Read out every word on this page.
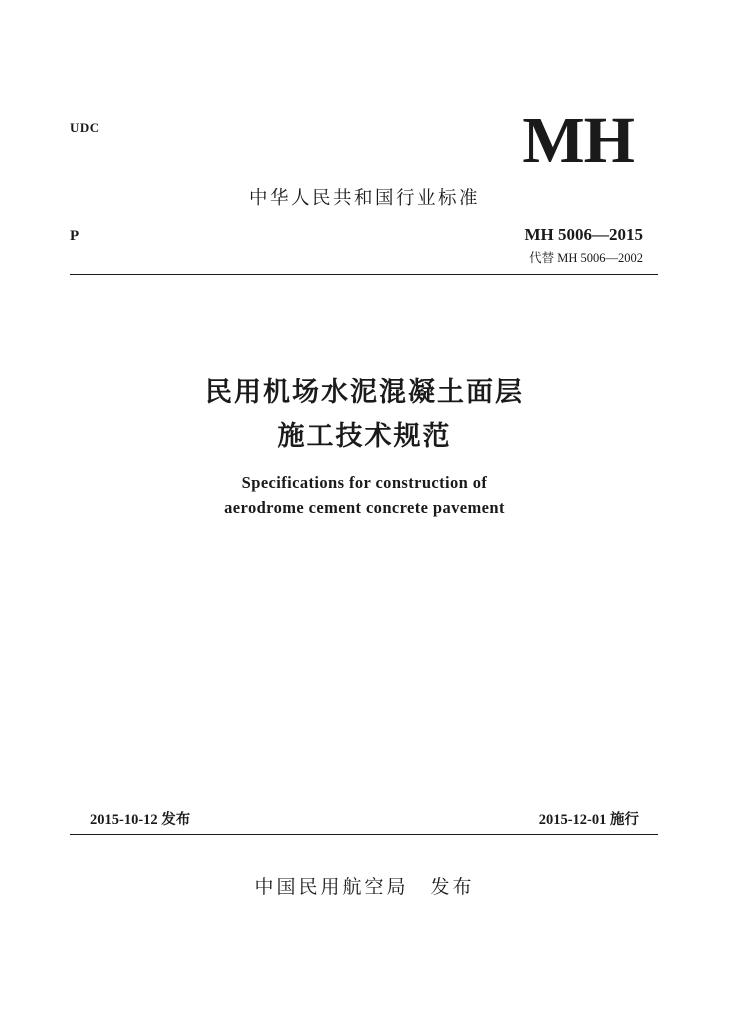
UDC	MH
中华人民共和国行业标准
P	MH 5006—2015
代替 MH 5006—2002
民用机场水泥混凝土面层
施工技术规范
Specifications for construction of
aerodrome cement concrete pavement
2015-10-12 发布	2015-12-01 施行
中国民用航空局　发布
